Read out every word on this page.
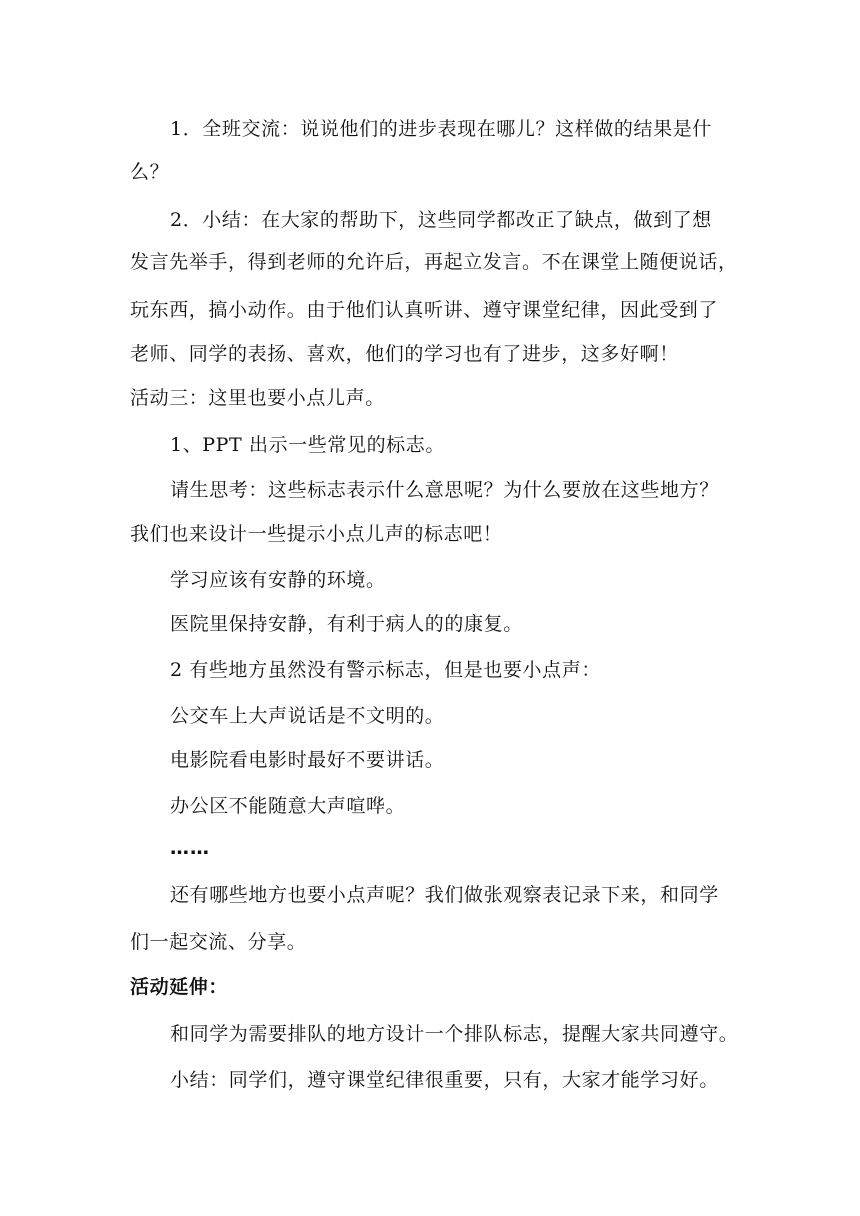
1．全班交流：说说他们的进步表现在哪儿？这样做的结果是什
么？
2．小结：在大家的帮助下，这些同学都改正了缺点，做到了想
发言先举手，得到老师的允许后，再起立发言。不在课堂上随便说话，
玩东西，搞小动作。由于他们认真听讲、遵守课堂纪律，因此受到了
老师、同学的表扬、喜欢，他们的学习也有了进步，这多好啊！
活动三：这里也要小点儿声。
1、PPT 出示一些常见的标志。
请生思考：这些标志表示什么意思呢？为什么要放在这些地方？
我们也来设计一些提示小点儿声的标志吧！
学习应该有安静的环境。
医院里保持安静，有利于病人的的康复。
2 有些地方虽然没有警示标志，但是也要小点声：
公交车上大声说话是不文明的。
电影院看电影时最好不要讲话。
办公区不能随意大声喧哗。
……
还有哪些地方也要小点声呢？我们做张观察表记录下来，和同学
们一起交流、分享。
活动延伸：
和同学为需要排队的地方设计一个排队标志，提醒大家共同遵守。
小结：同学们，遵守课堂纪律很重要，只有，大家才能学习好。
